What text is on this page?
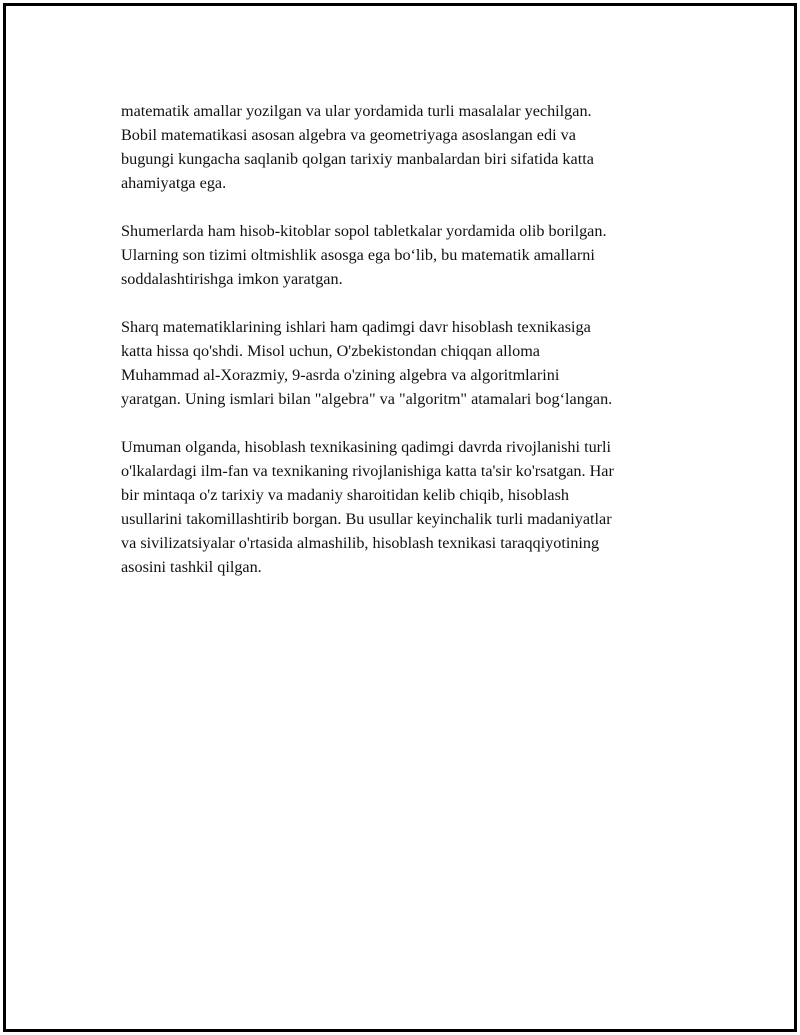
matematik amallar yozilgan va ular yordamida turli masalalar yechilgan.
Bobil matematikasi asosan algebra va geometriyaga asoslangan edi va
bugungi kungacha saqlanib qolgan tarixiy manbalardan biri sifatida katta
ahamiyatga ega.

Shumerlarda ham hisob-kitoblar sopol tabletkalar yordamida olib borilgan.
Ularning son tizimi oltmishlik asosga ega bo‘lib, bu matematik amallarni
soddalashtirishga imkon yaratgan.

Sharq matematiklarining ishlari ham qadimgi davr hisoblash texnikasiga
katta hissa qo'shdi. Misol uchun, O'zbekistondan chiqqan alloma
Muhammad al-Xorazmiy, 9-asrda o'zining algebra va algoritmlarini
yaratgan. Uning ismlari bilan "algebra" va "algoritm" atamalari bog‘langan.

Umuman olganda, hisoblash texnikasining qadimgi davrda rivojlanishi turli
o'lkalardagi ilm-fan va texnikaning rivojlanishiga katta ta'sir ko'rsatgan. Har
bir mintaqa o'z tarixiy va madaniy sharoitidan kelib chiqib, hisoblash
usullarini takomillashtirib borgan. Bu usullar keyinchalik turli madaniyatlar
va sivilizatsiyalar o'rtasida almashilib, hisoblash texnikasi taraqqiyotining
asosini tashkil qilgan.
